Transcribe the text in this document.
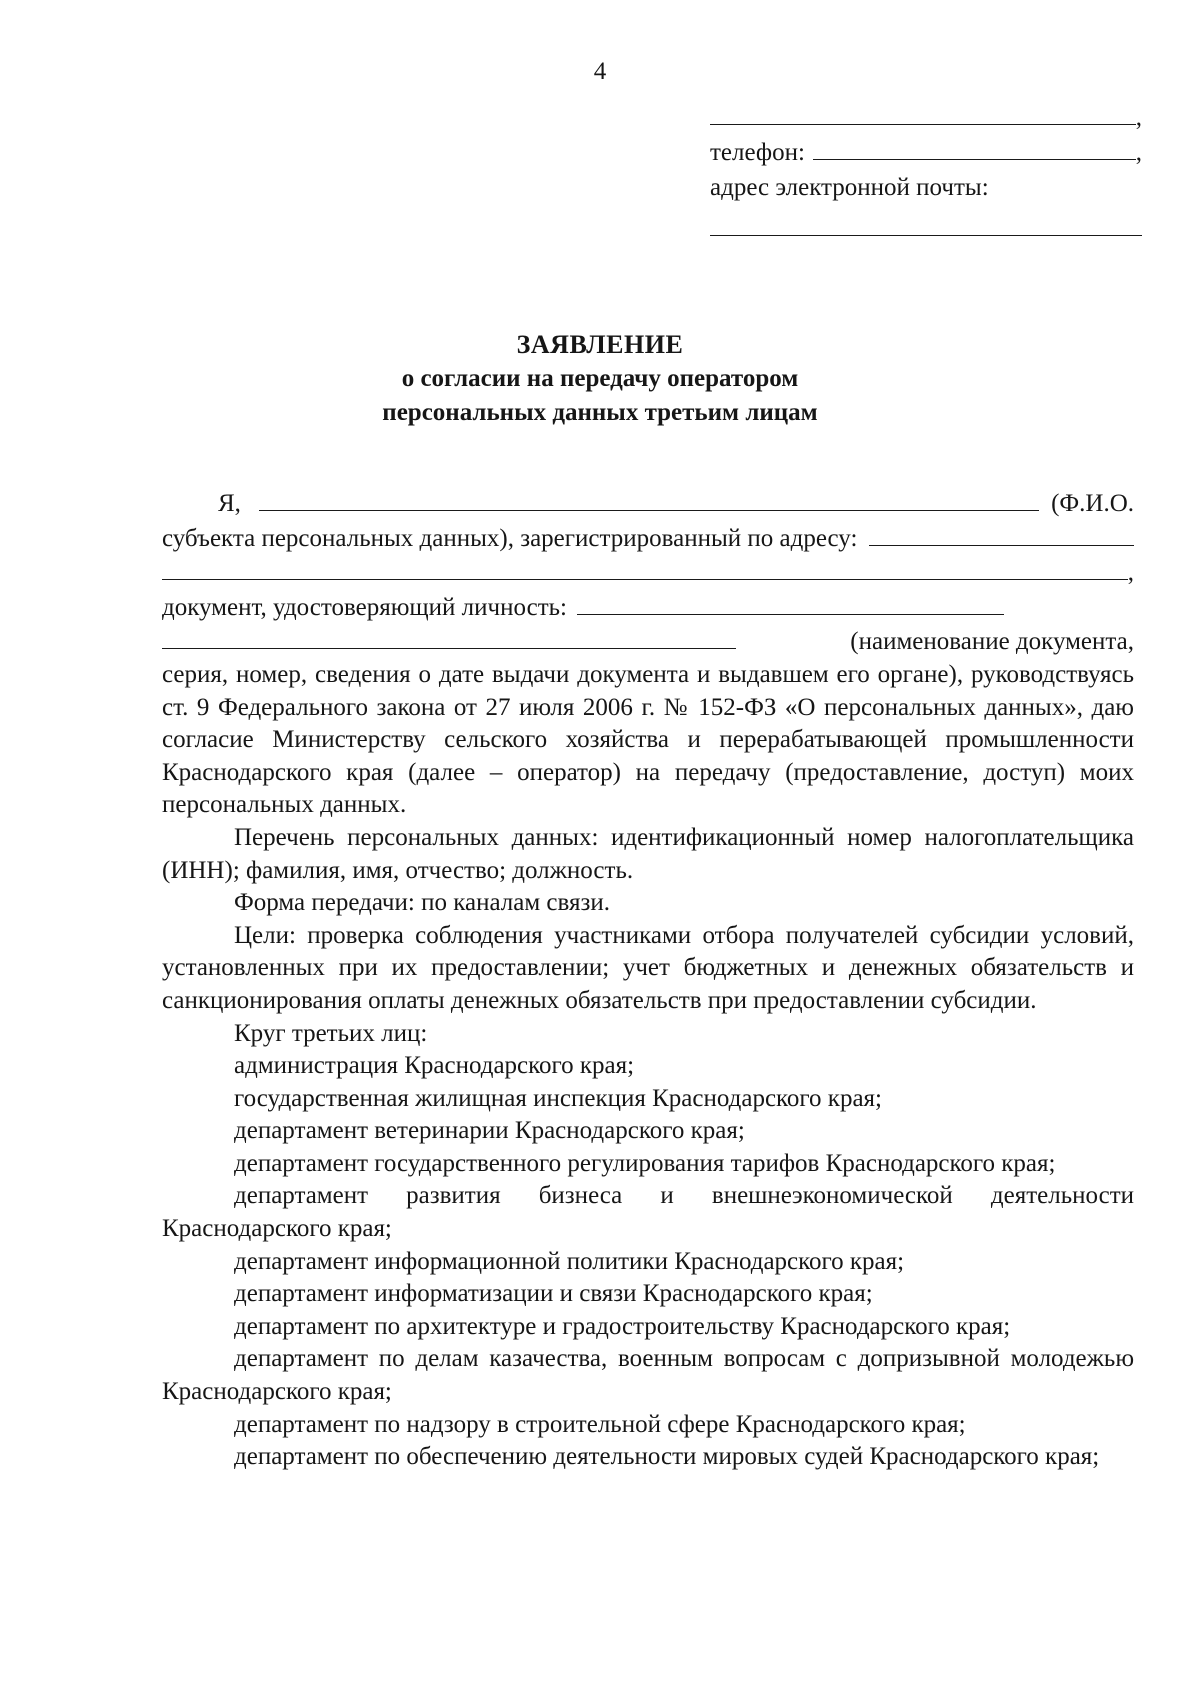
4
,
телефон:	,
адрес электронной почты:
ЗАЯВЛЕНИЕ
о согласии на передачу оператором
персональных данных третьим лицам
Я,	(Ф.И.О.
субъекта персональных данных), зарегистрированный по адресу:
,
документ, удостоверяющий личность:
(наименование документа,

серия, номер, сведения о дате выдачи документа и выдавшем его органе), руководствуясь ст. 9 Федерального закона от 27 июля 2006 г. № 152-ФЗ «О персональных данных», даю согласие Министерству сельского хозяйства и перерабатывающей промышленности Краснодарского края (далее – оператор) на передачу (предоставление, доступ) моих персональных данных.

Перечень персональных данных: идентификационный номер налогоплательщика (ИНН); фамилия, имя, отчество; должность.

Форма передачи: по каналам связи.

Цели: проверка соблюдения участниками отбора получателей субсидии условий, установленных при их предоставлении; учет бюджетных и денежных обязательств и санкционирования оплаты денежных обязательств при предоставлении субсидии.

Круг третьих лиц:

администрация Краснодарского края;

государственная жилищная инспекция Краснодарского края;

департамент ветеринарии Краснодарского края;

департамент государственного регулирования тарифов Краснодарского края;

департамент развития бизнеса и внешнеэкономической деятельности Краснодарского края;

департамент информационной политики Краснодарского края;

департамент информатизации и связи Краснодарского края;

департамент по архитектуре и градостроительству Краснодарского края;

департамент по делам казачества, военным вопросам с допризывной молодежью Краснодарского края;

департамент по надзору в строительной сфере Краснодарского края;

департамент по обеспечению деятельности мировых судей Краснодарского края;
